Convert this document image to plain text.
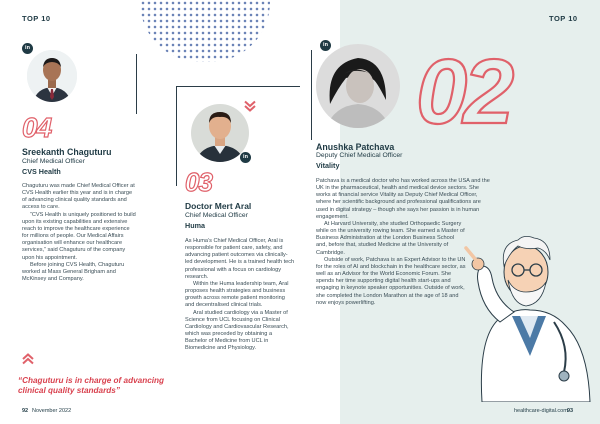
TOP 10	TOP 10
in
04
Sreekanth Chaguturu
Chief Medical Officer
CVS Health

Chaguturu was made Chief Medical Officer at CVS Health earlier this year and is in charge of advancing clinical quality standards and access to care.

“CVS Health is uniquely positioned to build upon its existing capabilities and extensive reach to improve the healthcare experience for millions of people. Our Medical Affairs organisation will enhance our healthcare services,” said Chaguturu of the company upon his appointment.

Before joining CVS Health, Chaguturu worked at Mass General Brigham and McKinsey and Company.

“Chaguturu is in charge of advancing clinical quality standards”
in
03
Doctor Mert Aral
Chief Medical Officer
Huma

As Huma’s Chief Medical Officer, Aral is responsible for patient care, safety, and advancing patient outcomes via clinically-led development. He is a trained health tech professional with a focus on cardiology research.

Within the Huma leadership team, Aral proposes health strategies and business growth across remote patient monitoring and decentralised clinical trials.

Aral studied cardiology via a Master of Science from UCL focusing on Clinical Cardiology and Cardiovascular Research, which was preceded by obtaining a Bachelor of Medicine from UCL in Biomedicine and Physiology.

in 02
Anushka Patchava
Deputy Chief Medical Officer
Vitality

Patchava is a medical doctor who has worked across the USA and the UK in the pharmaceutical, health and medical device sectors. She works at financial service Vitality as Deputy Chief Medical Officer, where her scientific background and professional qualifications are used in digital strategy – though she says her passion is in human engagement.

At Harvard University, she studied Orthopaedic Surgery while on the university rowing team. She earned a Master of Business Administration at the London Business School and, before that, studied Medicine at the University of Cambridge.

Outside of work, Patchava is an Expert Advisor to the UN for the roles of AI and blockchain in the healthcare sector, as well as an Advisor for the World Economic Forum. She spends her time supporting digital health start-ups and engaging in keynote speaker opportunities. Outside of work, she completed the London Marathon at the age of 18 and now enjoys powerlifting.

92 November 2022	healthcare-digital.com 93
